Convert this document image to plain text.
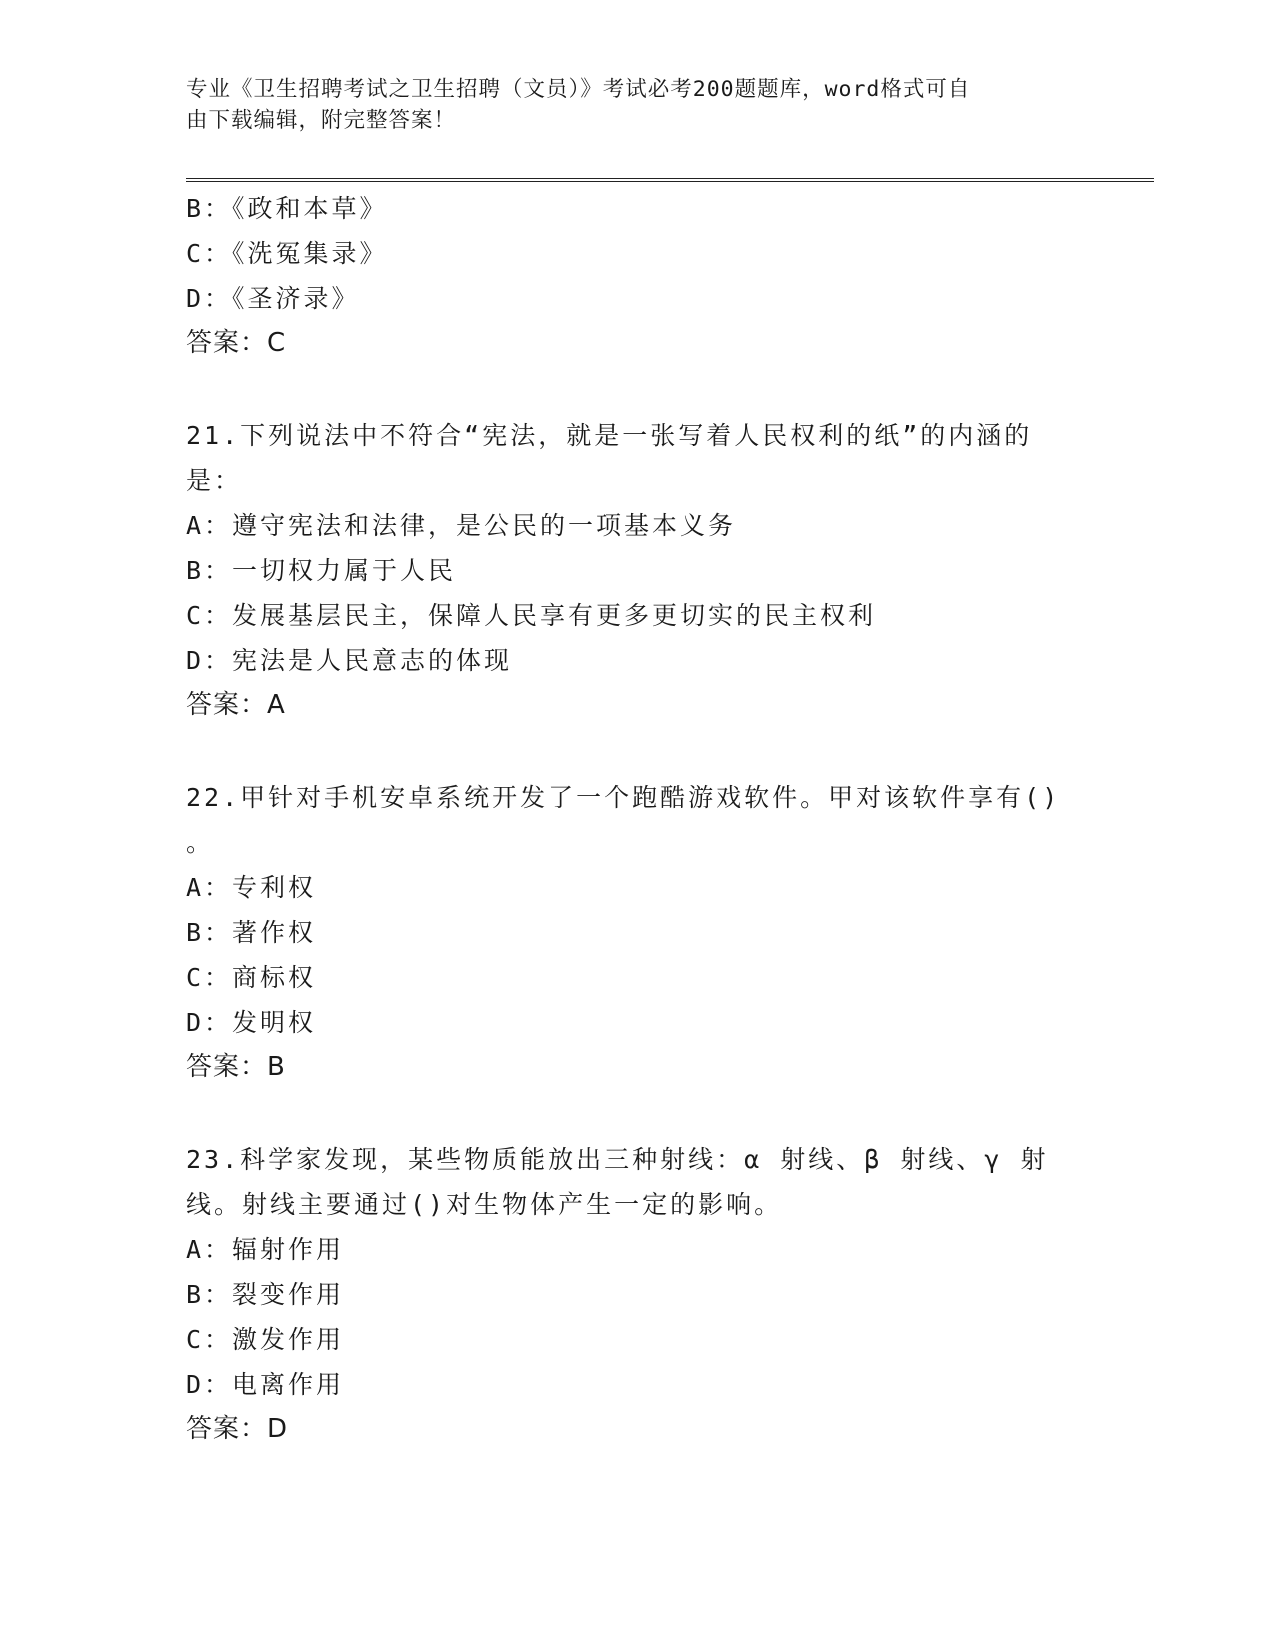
专业《卫生招聘考试之卫生招聘（文员）》考试必考200题题库，word格式可自
由下载编辑，附完整答案！
B：《政和本草》
C：《洗冤集录》
D：《圣济录》
答案：C
21.下列说法中不符合“宪法，就是一张写着人民权利的纸”的内涵的
是：
A：遵守宪法和法律，是公民的一项基本义务
B：一切权力属于人民
C：发展基层民主，保障人民享有更多更切实的民主权利
D：宪法是人民意志的体现
答案：A
22.甲针对手机安卓系统开发了一个跑酷游戏软件。甲对该软件享有()
。
A：专利权
B：著作权
C：商标权
D：发明权
答案：B
23.科学家发现，某些物质能放出三种射线：α 射线、β 射线、γ 射
线。射线主要通过()对生物体产生一定的影响。
A：辐射作用
B：裂变作用
C：激发作用
D：电离作用
答案：D
